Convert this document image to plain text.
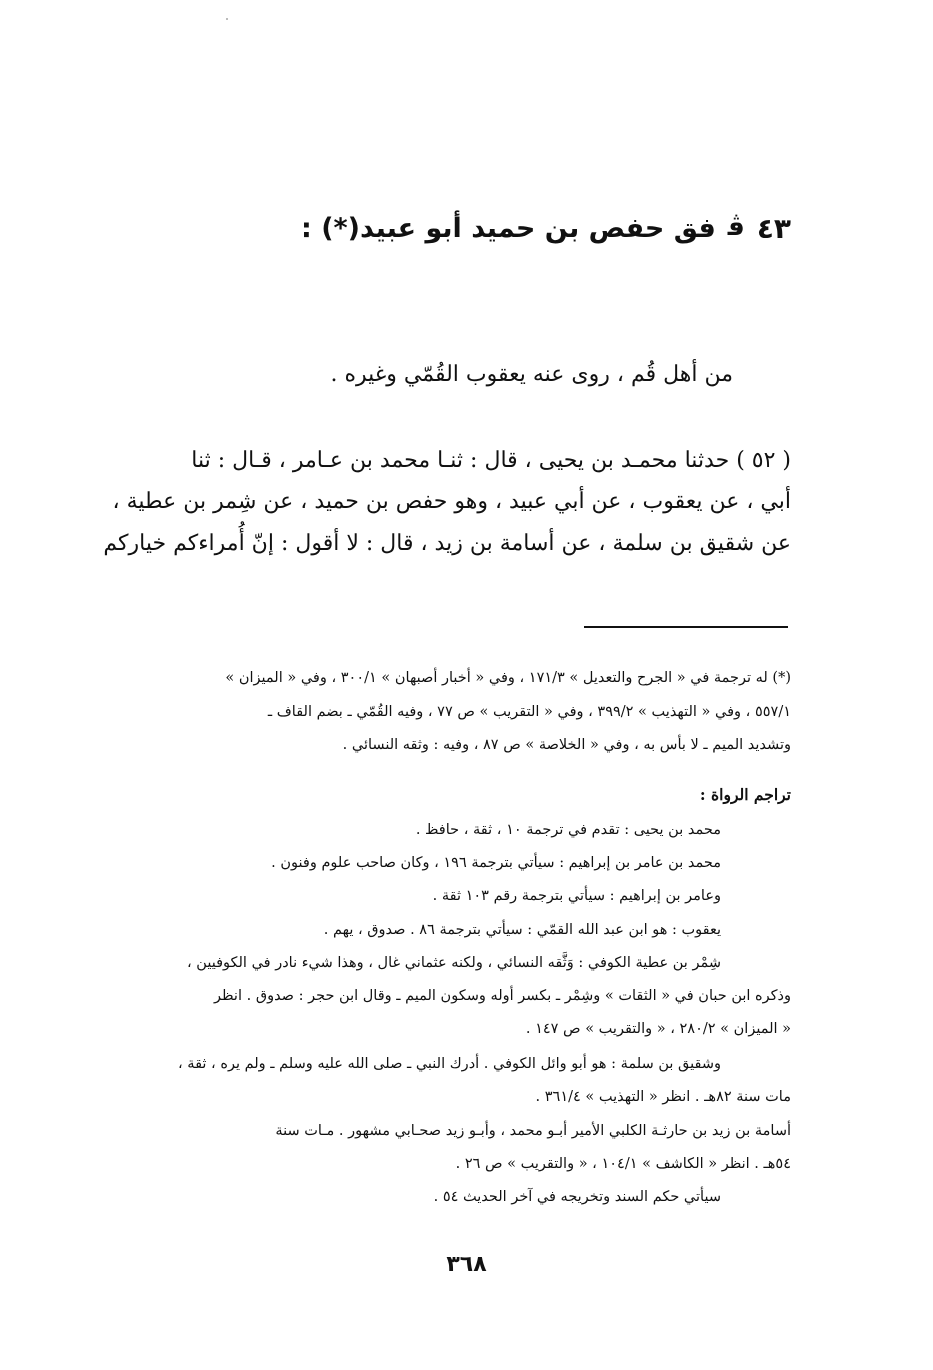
٤٣
ﭬ
فق حفص بن حميد أبو عبيد(*) :
من أهل قُم ، روى عنه يعقوب القُمّي وغيره .
( ٥٢ ) حدثنا محمـد بن يحيى ، قال : ثنـا محمد بن عـامر ، قـال : ثنا
أبي ، عن يعقوب ، عن أبي عبيد ، وهو حفص بن حميد ، عن شِمر بن عطية ،
عن شقيق بن سلمة ، عن أسامة بن زيد ، قال : لا أقول : إنّ أُمراءكم خياركم
(*) له ترجمة في « الجرح والتعديل » ١٧١/٣ ، وفي « أخبار أصبهان » ٣٠٠/١ ، وفي « الميزان »
٥٥٧/١ ، وفي « التهذيب » ٣٩٩/٢ ، وفي « التقريب » ص ٧٧ ، وفيه القُمّي ـ بضم القاف ـ
وتشديد الميم ـ لا بأس به ، وفي « الخلاصة » ص ٨٧ ، وفيه : وثقه النسائي .
تراجم الرواة :
محمد بن يحيى : تقدم في ترجمة ١٠ ، ثقة ، حافظ .
محمد بن عامر بن إبراهيم : سيأتي بترجمة ١٩٦ ، وكان صاحب علوم وفنون .
وعامر بن إبراهيم : سيأتي بترجمة رقم ١٠٣ ثقة .
يعقوب : هو ابن عبد الله القمّي : سيأتي بترجمة ٨٦ . صدوق ، يهم .
شِمْر بن عطية الكوفي : وَثَّقه النسائي ، ولكنه عثماني غال ، وهذا شيء نادر في الكوفيين ،
وذكره ابن حبان في « الثقات » وشِمْر ـ بكسر أوله وسكون الميم ـ وقال ابن حجر : صدوق . انظر
« الميزان » ٢٨٠/٢ ، « والتقريب » ص ١٤٧ .
وشقيق بن سلمة : هو أبو وائل الكوفي . أدرك النبي ـ صلى الله عليه وسلم ـ ولم يره ، ثقة ،
مات سنة ٨٢هـ . انظر « التهذيب » ٣٦١/٤ .
أسامة بن زيد بن حارثـة الكلبي الأمير أبـو محمد ، وأبـو زيد صحـابي مشهور . مـات سنة
٥٤هـ . انظر « الكاشف » ١٠٤/١ ، « والتقريب » ص ٢٦ .
سيأتي حكم السند وتخريجه في آخر الحديث ٥٤ .
٣٦٨
